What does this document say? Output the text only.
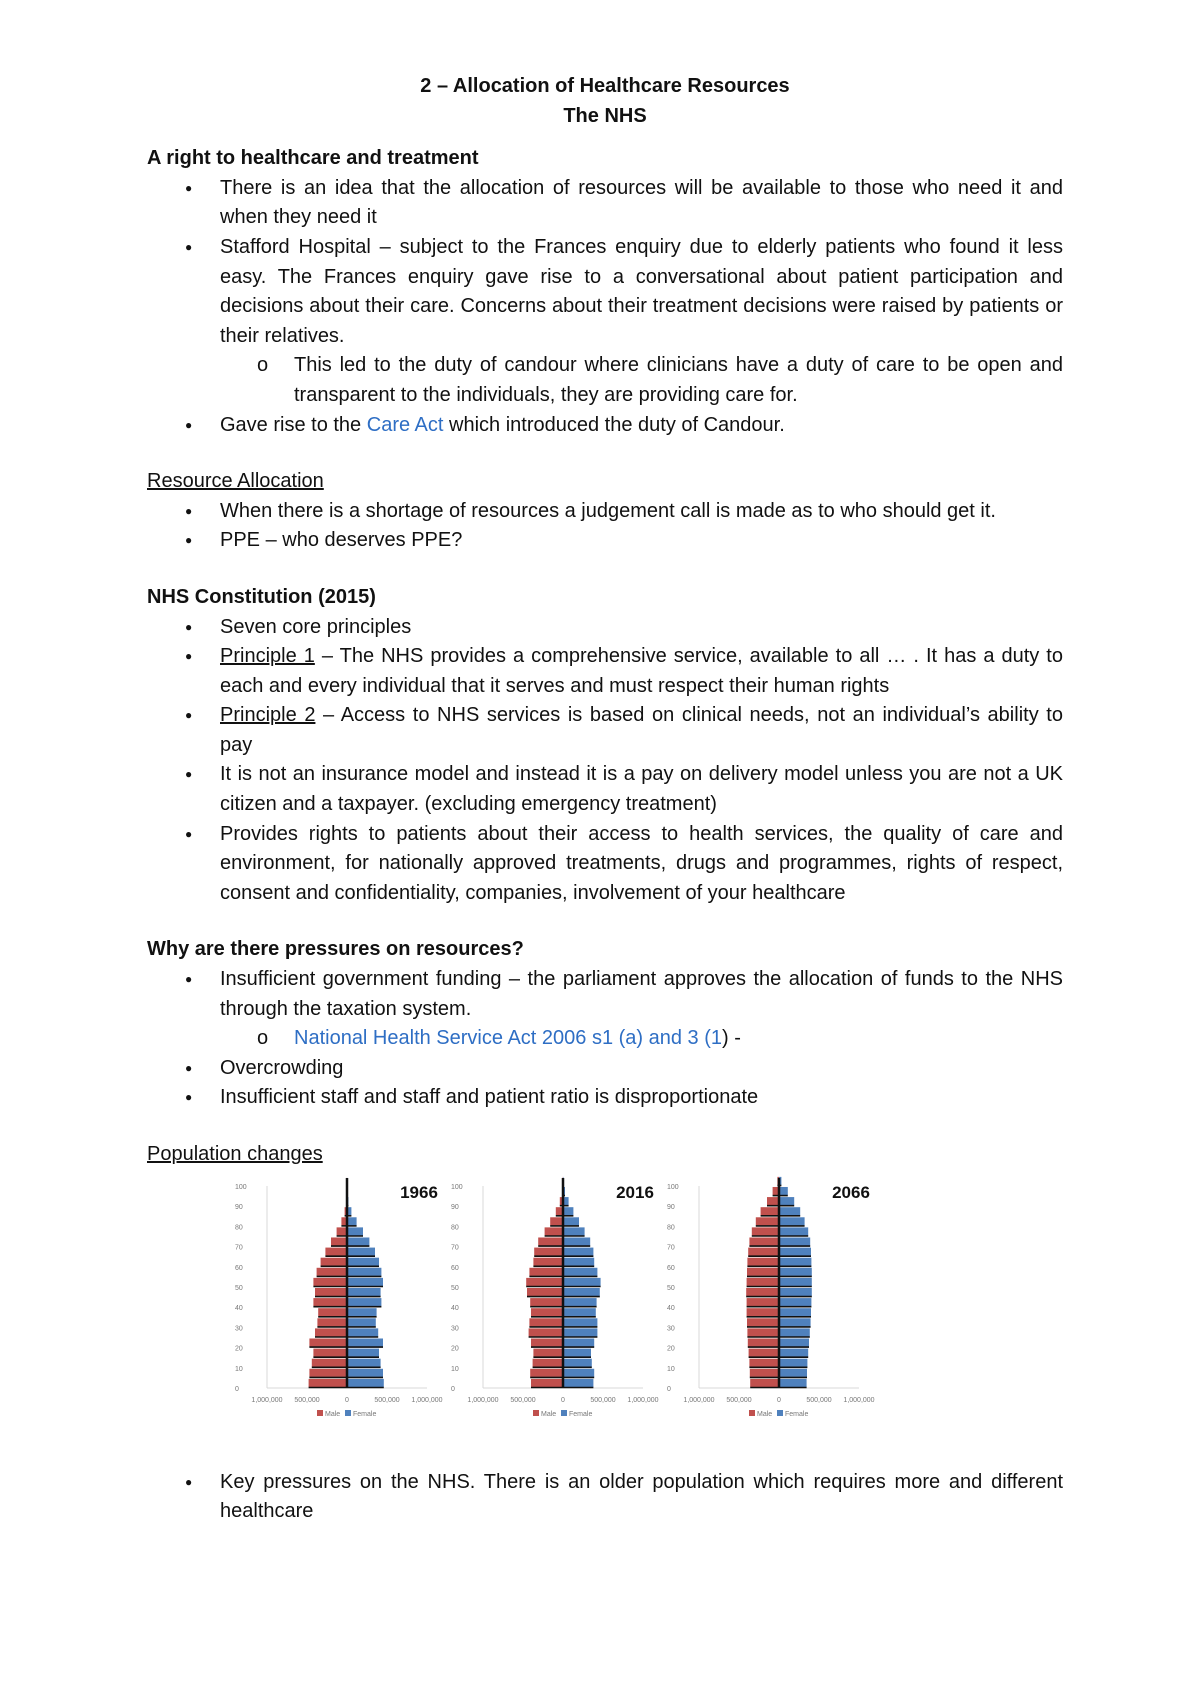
2 – Allocation of Healthcare Resources
The NHS
A right to healthcare and treatment
● There is an idea that the allocation of resources will be available to those who need it and when they need it
● Stafford Hospital – subject to the Frances enquiry due to elderly patients who found it less easy. The Frances enquiry gave rise to a conversational about patient participation and decisions about their care. Concerns about their treatment decisions were raised by patients or their relatives.
o This led to the duty of candour where clinicians have a duty of care to be open and transparent to the individuals, they are providing care for.
● Gave rise to the Care Act which introduced the duty of Candour.
Resource Allocation
● When there is a shortage of resources a judgement call is made as to who should get it.
● PPE – who deserves PPE?
NHS Constitution (2015)
● Seven core principles
● Principle 1 – The NHS provides a comprehensive service, available to all … . It has a duty to each and every individual that it serves and must respect their human rights
● Principle 2 – Access to NHS services is based on clinical needs, not an individual’s ability to pay
● It is not an insurance model and instead it is a pay on delivery model unless you are not a UK citizen and a taxpayer. (excluding emergency treatment)
● Provides rights to patients about their access to health services, the quality of care and environment, for nationally approved treatments, drugs and programmes, rights of respect, consent and confidentiality, companies, involvement of your healthcare
Why are there pressures on resources?
● Insufficient government funding – the parliament approves the allocation of funds to the NHS through the taxation system.
o National Health Service Act 2006 s1 (a) and 3 (1) -
● Overcrowding
● Insufficient staff and staff and patient ratio is disproportionate
Population changes
0
10
20
30
40
50
60
70
80
90
100
1,000,000 500,000	0	500,000 1,000,000
Male Female
1966
0
10
20
30
40
50
60
70
80
90
100
1,000,000 500,000	0	500,000 1,000,000
Male Female
2016
0
10
20
30
40
50
60
70
80
90
100
1,000,000 500,000	0	500,000 1,000,000
Male Female
2066
● Key pressures on the NHS. There is an older population which requires more and different healthcare
